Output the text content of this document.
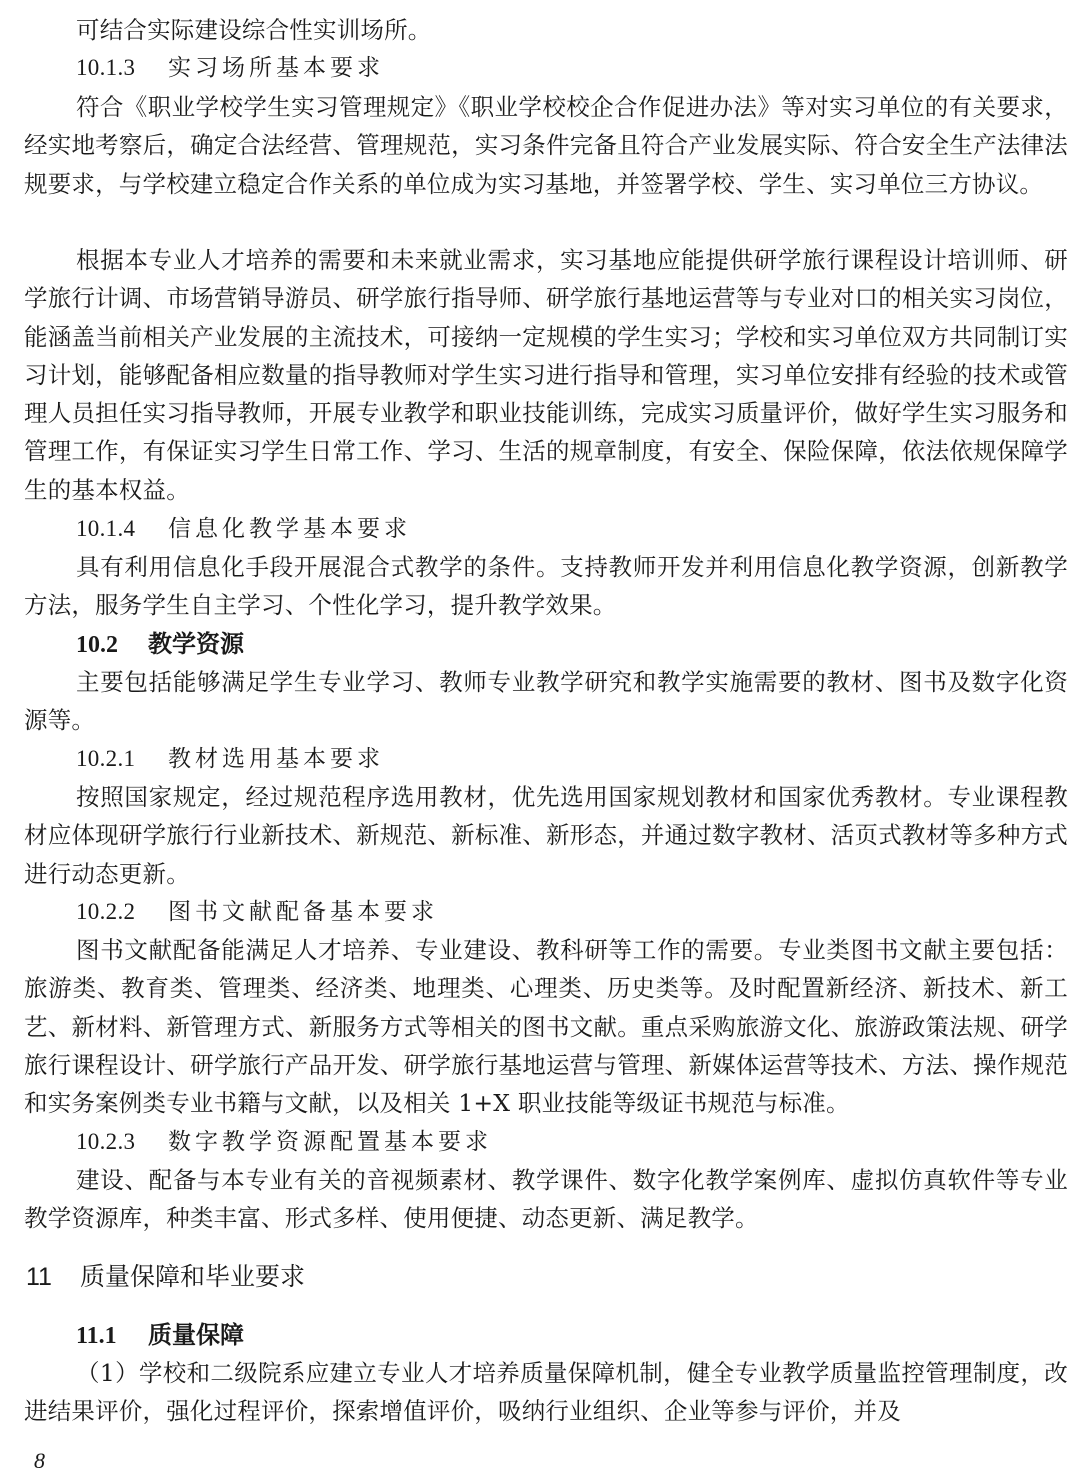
可结合实际建设综合性实训场所。

10.1.3 实习场所基本要求

符合《职业学校学生实习管理规定》《职业学校校企合作促进办法》等对实习单位的有关要求，经实地考察后，确定合法经营、管理规范，实习条件完备且符合产业发展实际、符合安全生产法律法规要求，与学校建立稳定合作关系的单位成为实习基地，并签署学校、学生、实习单位三方协议。

根据本专业人才培养的需要和未来就业需求，实习基地应能提供研学旅行课程设计培训师、研学旅行计调、市场营销导游员、研学旅行指导师、研学旅行基地运营等与专业对口的相关实习岗位，能涵盖当前相关产业发展的主流技术，可接纳一定规模的学生实习；学校和实习单位双方共同制订实习计划，能够配备相应数量的指导教师对学生实习进行指导和管理，实习单位安排有经验的技术或管理人员担任实习指导教师，开展专业教学和职业技能训练，完成实习质量评价，做好学生实习服务和管理工作，有保证实习学生日常工作、学习、生活的规章制度，有安全、保险保障，依法依规保障学生的基本权益。

10.1.4 信息化教学基本要求

具有利用信息化手段开展混合式教学的条件。支持教师开发并利用信息化教学资源，创新教学方法，服务学生自主学习、个性化学习，提升教学效果。

10.2 教学资源

主要包括能够满足学生专业学习、教师专业教学研究和教学实施需要的教材、图书及数字化资源等。

10.2.1 教材选用基本要求

按照国家规定，经过规范程序选用教材，优先选用国家规划教材和国家优秀教材。专业课程教材应体现研学旅行行业新技术、新规范、新标准、新形态，并通过数字教材、活页式教材等多种方式进行动态更新。

10.2.2 图书文献配备基本要求

图书文献配备能满足人才培养、专业建设、教科研等工作的需要。专业类图书文献主要包括：旅游类、教育类、管理类、经济类、地理类、心理类、历史类等。及时配置新经济、新技术、新工艺、新材料、新管理方式、新服务方式等相关的图书文献。重点采购旅游文化、旅游政策法规、研学旅行课程设计、研学旅行产品开发、研学旅行基地运营与管理、新媒体运营等技术、方法、操作规范和实务案例类专业书籍与文献，以及相关 1+X 职业技能等级证书规范与标准。

10.2.3 数字教学资源配置基本要求

建设、配备与本专业有关的音视频素材、教学课件、数字化教学案例库、虚拟仿真软件等专业教学资源库，种类丰富、形式多样、使用便捷、动态更新、满足教学。

11 质量保障和毕业要求

11.1 质量保障

（1）学校和二级院系应建立专业人才培养质量保障机制，健全专业教学质量监控管理制度，改进结果评价，强化过程评价，探索增值评价，吸纳行业组织、企业等参与评价，并及

8
